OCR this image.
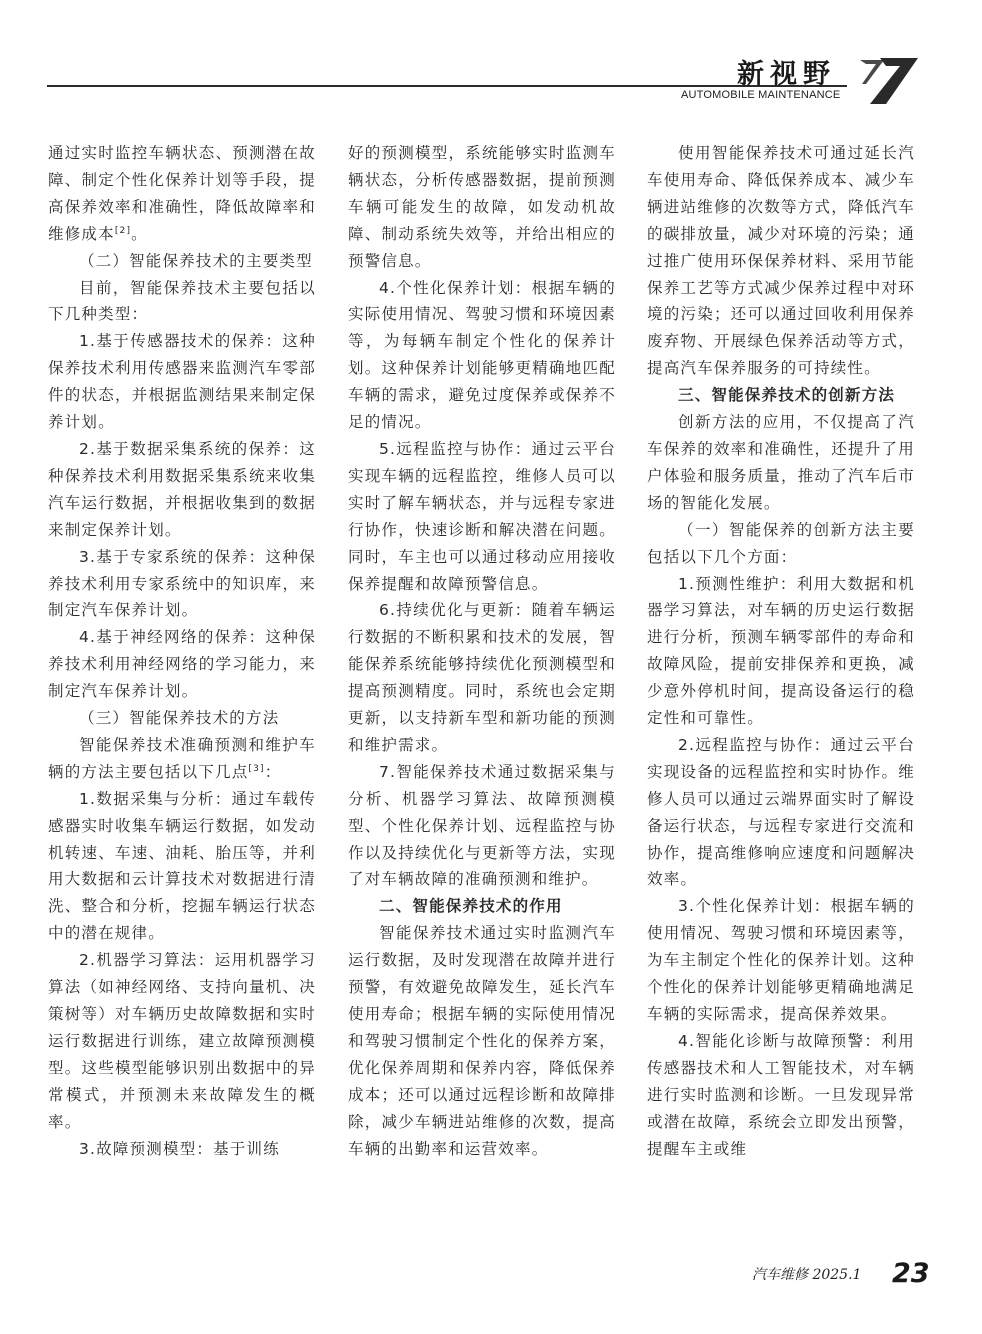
新视野
AUTOMOBILE MAINTENANCE

通过实时监控车辆状态、预测潜在故障、制定个性化保养计划等手段，提高保养效率和准确性，降低故障率和维修成本[2]。

（二）智能保养技术的主要类型

目前，智能保养技术主要包括以下几种类型：

1.基于传感器技术的保养：这种保养技术利用传感器来监测汽车零部件的状态，并根据监测结果来制定保养计划。

2.基于数据采集系统的保养：这种保养技术利用数据采集系统来收集汽车运行数据，并根据收集到的数据来制定保养计划。

3.基于专家系统的保养：这种保养技术利用专家系统中的知识库，来制定汽车保养计划。

4.基于神经网络的保养：这种保养技术利用神经网络的学习能力，来制定汽车保养计划。

（三）智能保养技术的方法

智能保养技术准确预测和维护车辆的方法主要包括以下几点[3]：

1.数据采集与分析：通过车载传感器实时收集车辆运行数据，如发动机转速、车速、油耗、胎压等，并利用大数据和云计算技术对数据进行清洗、整合和分析，挖掘车辆运行状态中的潜在规律。

2.机器学习算法：运用机器学习算法（如神经网络、支持向量机、决策树等）对车辆历史故障数据和实时运行数据进行训练，建立故障预测模型。这些模型能够识别出数据中的异常模式，并预测未来故障发生的概率。

3.故障预测模型：基于训练

好的预测模型，系统能够实时监测车辆状态，分析传感器数据，提前预测车辆可能发生的故障，如发动机故障、制动系统失效等，并给出相应的预警信息。

4.个性化保养计划：根据车辆的实际使用情况、驾驶习惯和环境因素等，为每辆车制定个性化的保养计划。这种保养计划能够更精确地匹配车辆的需求，避免过度保养或保养不足的情况。

5.远程监控与协作：通过云平台实现车辆的远程监控，维修人员可以实时了解车辆状态，并与远程专家进行协作，快速诊断和解决潜在问题。同时，车主也可以通过移动应用接收保养提醒和故障预警信息。

6.持续优化与更新：随着车辆运行数据的不断积累和技术的发展，智能保养系统能够持续优化预测模型和提高预测精度。同时，系统也会定期更新，以支持新车型和新功能的预测和维护需求。

7.智能保养技术通过数据采集与分析、机器学习算法、故障预测模型、个性化保养计划、远程监控与协作以及持续优化与更新等方法，实现了对车辆故障的准确预测和维护。

二、智能保养技术的作用

智能保养技术通过实时监测汽车运行数据，及时发现潜在故障并进行预警，有效避免故障发生，延长汽车使用寿命；根据车辆的实际使用情况和驾驶习惯制定个性化的保养方案，优化保养周期和保养内容，降低保养成本；还可以通过远程诊断和故障排除，减少车辆进站维修的次数，提高车辆的出勤率和运营效率。

使用智能保养技术可通过延长汽车使用寿命、降低保养成本、减少车辆进站维修的次数等方式，降低汽车的碳排放量，减少对环境的污染；通过推广使用环保保养材料、采用节能保养工艺等方式减少保养过程中对环境的污染；还可以通过回收利用保养废弃物、开展绿色保养活动等方式，提高汽车保养服务的可持续性。

三、智能保养技术的创新方法

创新方法的应用，不仅提高了汽车保养的效率和准确性，还提升了用户体验和服务质量，推动了汽车后市场的智能化发展。

（一）智能保养的创新方法主要包括以下几个方面：

1.预测性维护：利用大数据和机器学习算法，对车辆的历史运行数据进行分析，预测车辆零部件的寿命和故障风险，提前安排保养和更换，减少意外停机时间，提高设备运行的稳定性和可靠性。

2.远程监控与协作：通过云平台实现设备的远程监控和实时协作。维修人员可以通过云端界面实时了解设备运行状态，与远程专家进行交流和协作，提高维修响应速度和问题解决效率。

3.个性化保养计划：根据车辆的使用情况、驾驶习惯和环境因素等，为车主制定个性化的保养计划。这种个性化的保养计划能够更精确地满足车辆的实际需求，提高保养效果。

4.智能化诊断与故障预警：利用传感器技术和人工智能技术，对车辆进行实时监测和诊断。一旦发现异常或潜在故障，系统会立即发出预警，提醒车主或维

汽车维修 2025.1 23
